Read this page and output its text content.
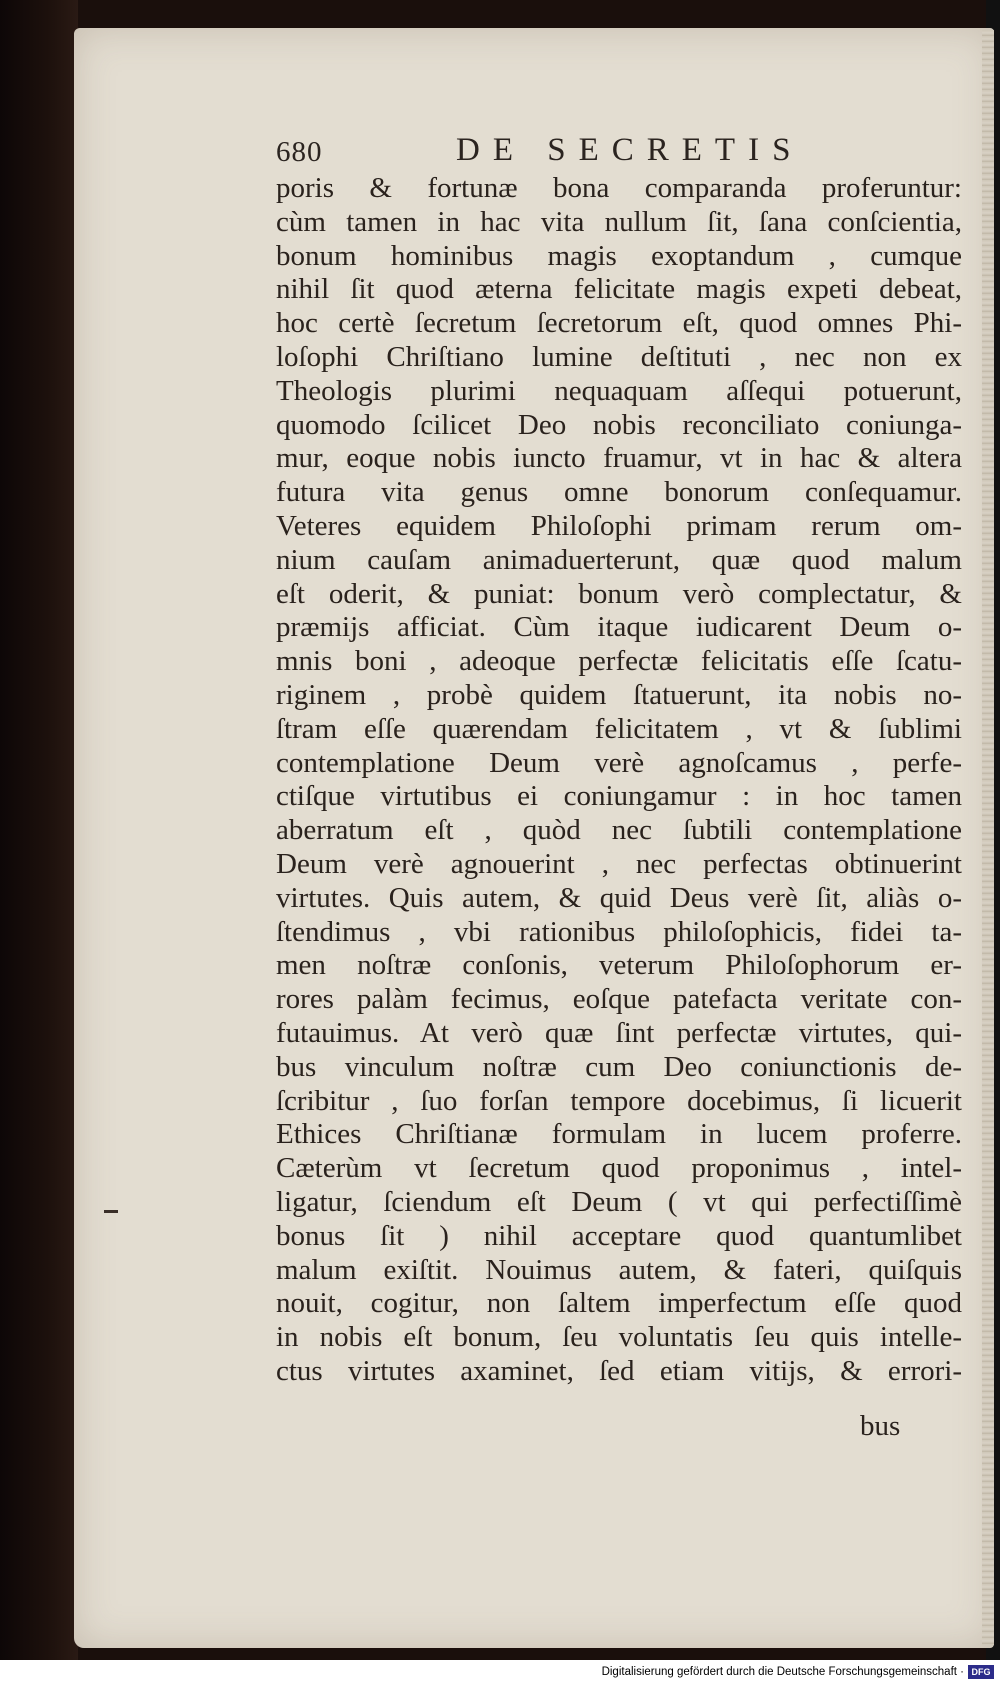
680	DE SECRETIS
poris & fortunæ bona comparanda proferuntur:
cùm tamen in hac vita nullum ſit, ſana conſcientia,
bonum hominibus magis exoptandum , cumque
nihil ſit quod æterna felicitate magis expeti debeat,
hoc certè ſecretum ſecretorum eſt, quod omnes Phi-
loſophi Chriſtiano lumine deſtituti , nec non ex
Theologis plurimi nequaquam aſſequi potuerunt,
quomodo ſcilicet Deo nobis reconciliato coniunga-
mur, eoque nobis iuncto fruamur, vt in hac & altera
futura vita genus omne bonorum conſequamur.
Veteres equidem Philoſophi primam rerum om-
nium cauſam animaduerterunt, quæ quod malum
eſt oderit, & puniat: bonum verò complectatur, &
præmijs afficiat. Cùm itaque iudicarent Deum o-
mnis boni , adeoque perfectæ felicitatis eſſe ſcatu-
riginem , probè quidem ſtatuerunt, ita nobis no-
ſtram eſſe quærendam felicitatem , vt & ſublimi
contemplatione Deum verè agnoſcamus , perfe-
ctiſque virtutibus ei coniungamur : in hoc tamen
aberratum eſt , quòd nec ſubtili contemplatione
Deum verè agnouerint , nec perfectas obtinuerint
virtutes. Quis autem, & quid Deus verè ſit, aliàs o-
ſtendimus , vbi rationibus philoſophicis, fidei ta-
men noſtræ conſonis, veterum Philoſophorum er-
rores palàm fecimus, eoſque patefacta veritate con-
futauimus. At verò quæ ſint perfectæ virtutes, qui-
bus vinculum noſtræ cum Deo coniunctionis de-
ſcribitur , ſuo forſan tempore docebimus, ſi licuerit
Ethices Chriſtianæ formulam in lucem proferre.
Cæterùm vt ſecretum quod proponimus , intel-
ligatur, ſciendum eſt Deum ( vt qui perfectiſſimè
bonus ſit ) nihil acceptare quod quantumlibet
malum exiſtit. Nouimus autem, & fateri, quiſquis
nouit, cogitur, non ſaltem imperfectum eſſe quod
in nobis eſt bonum, ſeu voluntatis ſeu quis intelle-
ctus virtutes axaminet, ſed etiam vitijs, & errori-
bus
Digitalisierung gefördert durch die Deutsche Forschungsgemeinschaft · DFG
